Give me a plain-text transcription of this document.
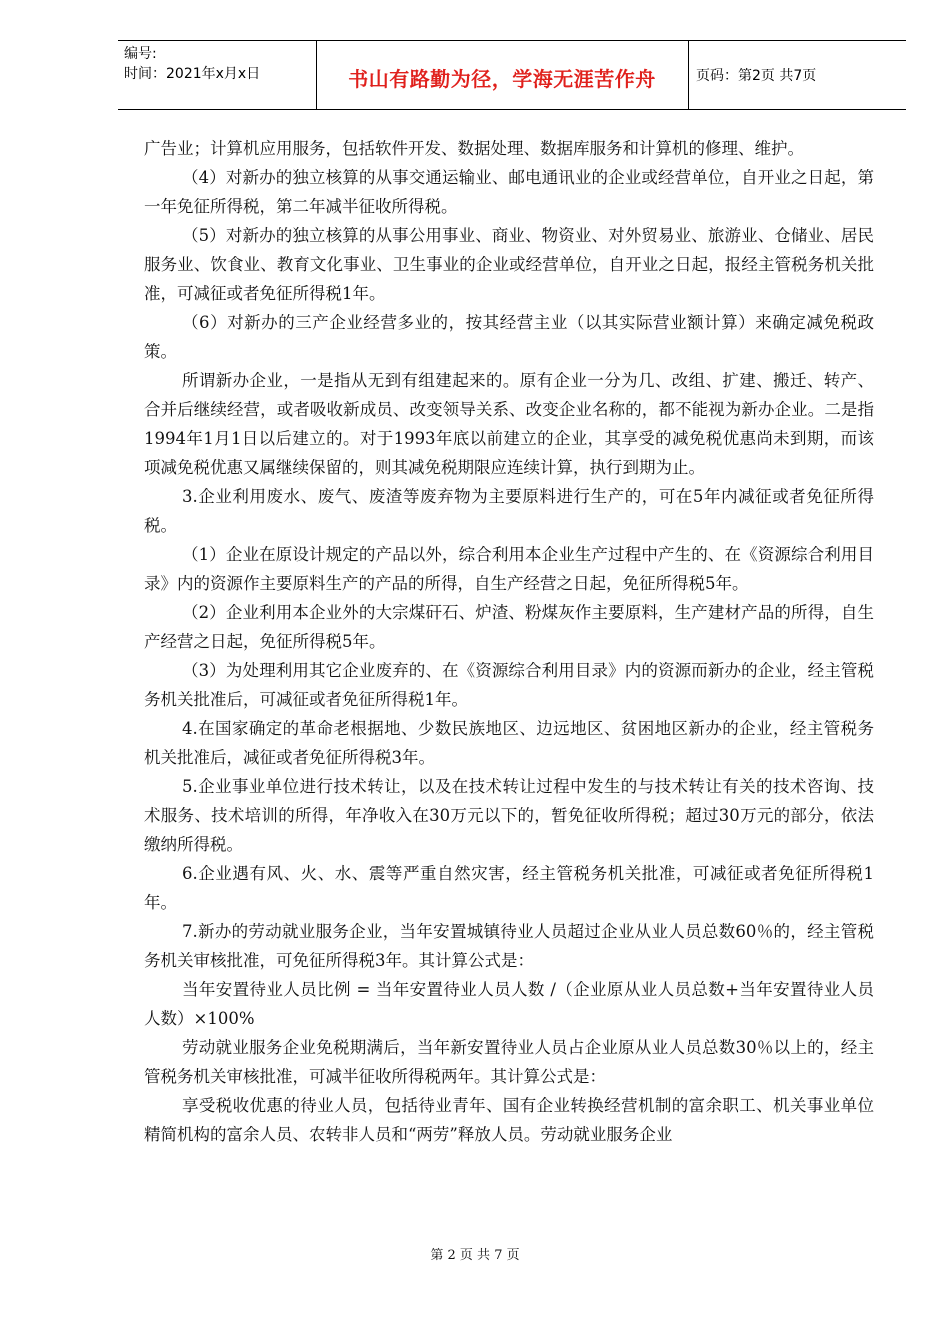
编号:
时间：2021年x月x日	书山有路勤为径，学海无涯苦作舟	页码：第2页 共7页

广告业；计算机应用服务，包括软件开发、数据处理、数据库服务和计算机的修理、维护。

（4）对新办的独立核算的从事交通运输业、邮电通讯业的企业或经营单位，自开业之日起，第一年免征所得税，第二年减半征收所得税。

（5）对新办的独立核算的从事公用事业、商业、物资业、对外贸易业、旅游业、仓储业、居民服务业、饮食业、教育文化事业、卫生事业的企业或经营单位，自开业之日起，报经主管税务机关批准，可减征或者免征所得税1年。

（6）对新办的三产企业经营多业的，按其经营主业（以其实际营业额计算）来确定减免税政策。

所谓新办企业，一是指从无到有组建起来的。原有企业一分为几、改组、扩建、搬迁、转产、合并后继续经营，或者吸收新成员、改变领导关系、改变企业名称的，都不能视为新办企业。二是指1994年1月1日以后建立的。对于1993年底以前建立的企业，其享受的减免税优惠尚未到期，而该项减免税优惠又属继续保留的，则其减免税期限应连续计算，执行到期为止。

3.企业利用废水、废气、废渣等废弃物为主要原料进行生产的，可在5年内减征或者免征所得税。

（1）企业在原设计规定的产品以外，综合利用本企业生产过程中产生的、在《资源综合利用目录》内的资源作主要原料生产的产品的所得，自生产经营之日起，免征所得税5年。

（2）企业利用本企业外的大宗煤矸石、炉渣、粉煤灰作主要原料，生产建材产品的所得，自生产经营之日起，免征所得税5年。

（3）为处理利用其它企业废弃的、在《资源综合利用目录》内的资源而新办的企业，经主管税务机关批准后，可减征或者免征所得税1年。

4.在国家确定的革命老根据地、少数民族地区、边远地区、贫困地区新办的企业，经主管税务机关批准后，减征或者免征所得税3年。

5.企业事业单位进行技术转让，以及在技术转让过程中发生的与技术转让有关的技术咨询、技术服务、技术培训的所得，年净收入在30万元以下的，暂免征收所得税；超过30万元的部分，依法缴纳所得税。

6.企业遇有风、火、水、震等严重自然灾害，经主管税务机关批准，可减征或者免征所得税1年。

7.新办的劳动就业服务企业，当年安置城镇待业人员超过企业从业人员总数60％的，经主管税务机关审核批准，可免征所得税3年。其计算公式是：

当年安置待业人员比例 = 当年安置待业人员人数 /（企业原从业人员总数+当年安置待业人员人数）×100%

劳动就业服务企业免税期满后，当年新安置待业人员占企业原从业人员总数30％以上的，经主管税务机关审核批准，可减半征收所得税两年。其计算公式是：

享受税收优惠的待业人员，包括待业青年、国有企业转换经营机制的富余职工、机关事业单位精简机构的富余人员、农转非人员和“两劳”释放人员。劳动就业服务企业

第 2 页 共 7 页
